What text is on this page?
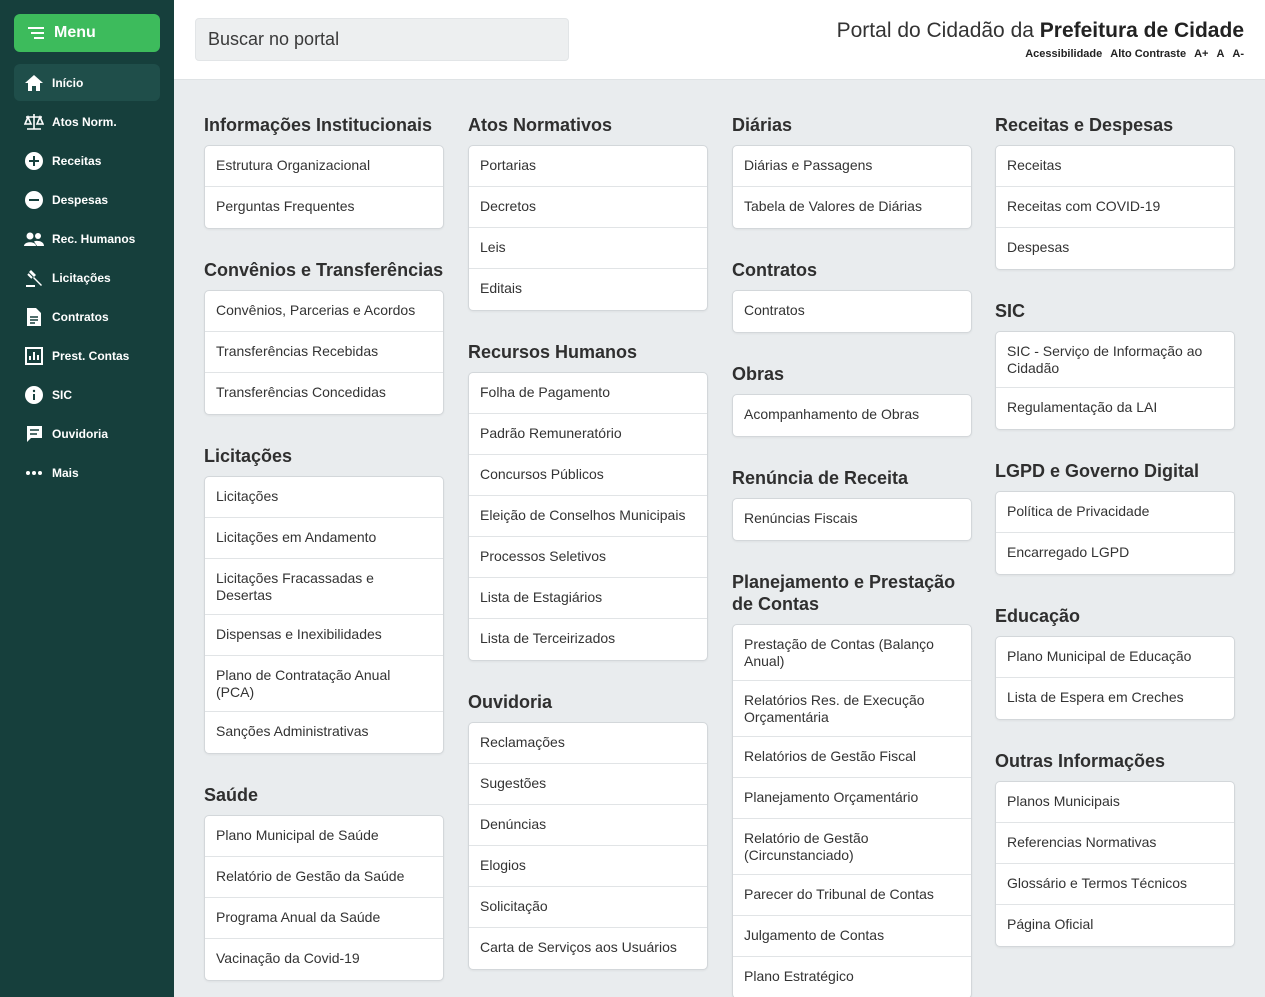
Menu
Início
Atos Norm.
Receitas
Despesas
Rec. Humanos
Licitações
Contratos
Prest. Contas
SIC
Ouvidoria
Mais
Buscar no portal
Portal do Cidadão da Prefeitura de Cidade
Acessibilidade Alto Contraste A+ A A-
Informações Institucionais
Estrutura Organizacional
Perguntas Frequentes
Convênios e Transferências
Convênios, Parcerias e Acordos
Transferências Recebidas
Transferências Concedidas
Licitações
Licitações
Licitações em Andamento
Licitações Fracassadas e Desertas
Dispensas e Inexibilidades
Plano de Contratação Anual (PCA)
Sanções Administrativas
Saúde
Plano Municipal de Saúde
Relatório de Gestão da Saúde
Programa Anual da Saúde
Vacinação da Covid-19
Atos Normativos
Portarias
Decretos
Leis
Editais
Recursos Humanos
Folha de Pagamento
Padrão Remuneratório
Concursos Públicos
Eleição de Conselhos Municipais
Processos Seletivos
Lista de Estagiários
Lista de Terceirizados
Ouvidoria
Reclamações
Sugestões
Denúncias
Elogios
Solicitação
Carta de Serviços aos Usuários
Diárias
Diárias e Passagens
Tabela de Valores de Diárias
Contratos
Contratos
Obras
Acompanhamento de Obras
Renúncia de Receita
Renúncias Fiscais
Planejamento e Prestação de Contas
Prestação de Contas (Balanço Anual)
Relatórios Res. de Execução Orçamentária
Relatórios de Gestão Fiscal
Planejamento Orçamentário
Relatório de Gestão (Circunstanciado)
Parecer do Tribunal de Contas
Julgamento de Contas
Plano Estratégico
Receitas e Despesas
Receitas
Receitas com COVID-19
Despesas
SIC
SIC - Serviço de Informação ao Cidadão
Regulamentação da LAI
LGPD e Governo Digital
Política de Privacidade
Encarregado LGPD
Educação
Plano Municipal de Educação
Lista de Espera em Creches
Outras Informações
Planos Municipais
Referencias Normativas
Glossário e Termos Técnicos
Página Oficial
